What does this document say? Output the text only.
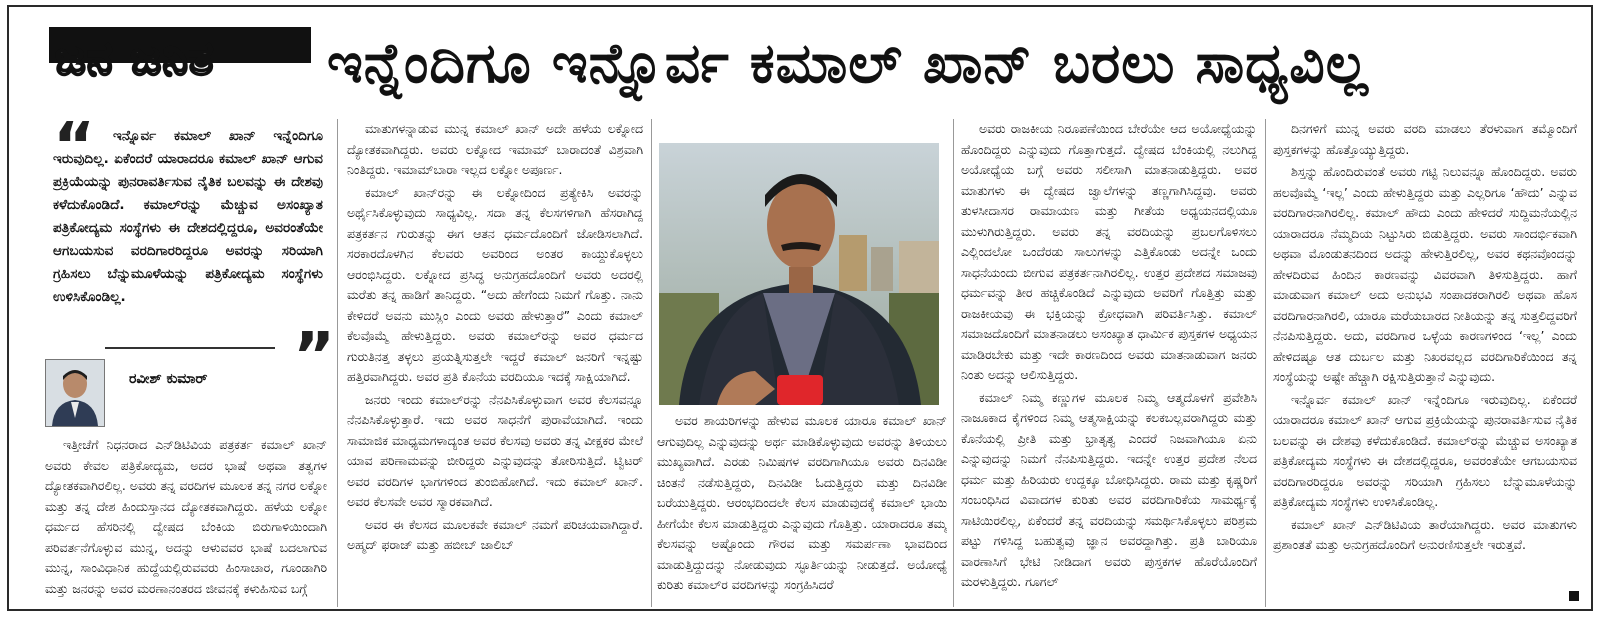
ಜನ ಜನಿತ ಇನ್ನೆಂದಿಗೂ ಇನ್ನೊರ್ವ ಕಮಾಲ್ ಖಾನ್ ಬರಲು ಸಾಧ್ಯವಿಲ್ಲ
“	ಇನ್ನೊರ್ವ ಕಮಾಲ್ ಖಾನ್ ಇನ್ನೆಂದಿಗೂ ಇರುವುದಿಲ್ಲ. ಏಕೆಂದರೆ ಯಾರಾದರೂ ಕಮಾಲ್ ಖಾನ್ ಆಗುವ ಪ್ರಕ್ರಿಯೆಯನ್ನು ಪುನರಾವರ್ತಿಸುವ ನೈತಿಕ ಬಲವನ್ನು ಈ ದೇಶವು ಕಳೆದುಕೊಂಡಿದೆ. ಕಮಾಲ್‌ರನ್ನು ಮೆಚ್ಚುವ ಅಸಂಖ್ಯಾತ ಪತ್ರಿಕೋದ್ಯಮ ಸಂಸ್ಥೆಗಳು ಈ ದೇಶದಲ್ಲಿದ್ದರೂ, ಅವರಂತೆಯೇ ಆಗಬಯಸುವ ವರದಿಗಾರರಿದ್ದರೂ ಅವರನ್ನು ಸರಿಯಾಗಿ ಗ್ರಹಿಸಲು ಬೆನ್ನುಮೂಳೆಯನ್ನು ಪತ್ರಿಕೋದ್ಯಮ ಸಂಸ್ಥೆಗಳು ಉಳಿಸಿಕೊಂಡಿಲ್ಲ.
”
ರವೀಶ್ ಕುಮಾರ್

ಇತ್ತೀಚೆಗೆ ನಿಧನರಾದ ಎನ್‌ಡಿಟಿವಿಯ ಪತ್ರಕರ್ತ ಕಮಾಲ್ ಖಾನ್ ಅವರು ಕೇವಲ ಪತ್ರಿಕೋದ್ಯಮ, ಅದರ ಭಾಷೆ ಅಥವಾ ತತ್ವಗಳ ದ್ಯೋತಕವಾಗಿರಲಿಲ್ಲ. ಅವರು ತನ್ನ ವರದಿಗಳ ಮೂಲಕ ತನ್ನ ನಗರ ಲಕ್ನೋ ಮತ್ತು ತನ್ನ ದೇಶ ಹಿಂದುಸ್ತಾನದ ದ್ಯೋತಕವಾಗಿದ್ದರು. ಹಳೆಯ ಲಕ್ನೋ ಧರ್ಮದ ಹೆಸರಿನಲ್ಲಿ ದ್ವೇಷದ ಬೆಂಕಿಯ ಬಿರುಗಾಳಿಯಿಂದಾಗಿ ಪರಿವರ್ತನೆಗೊಳ್ಳುವ ಮುನ್ನ, ಅದನ್ನು ಆಳುವವರ ಭಾಷೆ ಬದಲಾಗುವ ಮುನ್ನ, ಸಾಂವಿಧಾನಿಕ ಹುದ್ದೆಯಲ್ಲಿರುವವರು ಹಿಂಸಾಚಾರ, ಗೂಂಡಾಗಿರಿ ಮತ್ತು ಜನರನ್ನು ಅವರ ಮರಣಾನಂತರದ ಜೀವನಕ್ಕೆ ಕಳುಹಿಸುವ ಬಗ್ಗೆ

ಮಾತುಗಳನ್ನಾಡುವ ಮುನ್ನ ಕಮಾಲ್ ಖಾನ್ ಅದೇ ಹಳೆಯ ಲಕ್ನೋದ ದ್ಯೋತಕವಾಗಿದ್ದರು. ಅವರು ಲಕ್ನೋದ ಇಮಾಮ್ ಬಾರಾದಂತೆ ವಿಶ್ರವಾಗಿ ನಿಂತಿದ್ದರು. ಇಮಾಮ್‌ಬಾರಾ ಇಲ್ಲದ ಲಕ್ನೋ ಅಪೂರ್ಣ.

ಕಮಾಲ್ ಖಾನ್‌ರನ್ನು ಈ ಲಕ್ನೋದಿಂದ ಪ್ರತ್ಯೇಕಿಸಿ ಅವರನ್ನು ಅರ್ಥೈಸಿಕೊಳ್ಳುವುದು ಸಾಧ್ಯವಿಲ್ಲ. ಸದಾ ತನ್ನ ಕೆಲಸಗಳಿಗಾಗಿ ಹೆಸರಾಗಿದ್ದ ಪತ್ರಕರ್ತನ ಗುರುತನ್ನು ಈಗ ಆತನ ಧರ್ಮದೊಂದಿಗೆ ಜೋಡಿಸಲಾಗಿದೆ. ಸರಕಾರದೊಳಗಿನ ಕೆಲವರು ಅವರಿಂದ ಅಂತರ ಕಾಯ್ದುಕೊಳ್ಳಲು ಆರಂಭಿಸಿದ್ದರು. ಲಕ್ನೋದ ಪ್ರಸಿದ್ಧ ಅನುಗ್ರಹದೊಂದಿಗೆ ಅವರು ಅದರಲ್ಲಿ ಮರೆತು ತನ್ನ ಹಾಡಿಗೆ ತಾನಿದ್ದರು. “ಅದು ಹೇಗೆಂದು ನಿಮಗೆ ಗೊತ್ತು. ನಾನು ಕೇಳಿದರೆ ಅವನು ಮುಸ್ಲಿಂ ಎಂದು ಅವರು ಹೇಳುತ್ತಾರೆ” ಎಂದು ಕಮಾಲ್ ಕೆಲವೊಮ್ಮೆ ಹೇಳುತ್ತಿದ್ದರು. ಅವರು ಕಮಾಲ್‌ರನ್ನು ಅವರ ಧರ್ಮದ ಗುರುತಿನತ್ತ ತಳ್ಳಲು ಪ್ರಯತ್ನಿಸುತ್ತಲೇ ಇದ್ದರೆ ಕಮಾಲ್ ಜನರಿಗೆ ಇನ್ನಷ್ಟು ಹತ್ತಿರವಾಗಿದ್ದರು. ಅವರ ಪ್ರತಿ ಕೊನೆಯ ವರದಿಯೂ ಇದಕ್ಕೆ ಸಾಕ್ಷಿಯಾಗಿದೆ.

ಜನರು ಇಂದು ಕಮಾಲ್‌ರನ್ನು ನೆನಪಿಸಿಕೊಳ್ಳುವಾಗ ಅವರ ಕೆಲಸವನ್ನೂ ನೆನಪಿಸಿಕೊಳ್ಳುತ್ತಾರೆ. ಇದು ಅವರ ಸಾಧನೆಗೆ ಪುರಾವೆಯಾಗಿದೆ. ಇಂದು ಸಾಮಾಜಿಕ ಮಾಧ್ಯಮಗಳಾದ್ಯಂತ ಅವರ ಕೆಲಸವು ಅವರು ತನ್ನ ವೀಕ್ಷಕರ ಮೇಲೆ ಯಾವ ಪರಿಣಾಮವನ್ನು ಬೀರಿದ್ದರು ಎನ್ನುವುದನ್ನು ತೋರಿಸುತ್ತಿದೆ. ಟ್ವಿಟರ್ ಅವರ ವರದಿಗಳ ಭಾಗಗಳಿಂದ ತುಂಬಿಹೋಗಿದೆ. ಇದು ಕಮಾಲ್ ಖಾನ್. ಅವರ ಕೆಲಸವೇ ಅವರ ಸ್ಮಾರಕವಾಗಿದೆ.

ಅವರ ಈ ಕೆಲಸದ ಮೂಲಕವೇ ಕಮಾಲ್ ನಮಗೆ ಪರಿಚಯವಾಗಿದ್ದಾರೆ. ಅಹ್ಮದ್ ಫರಾಜ್ ಮತ್ತು ಹಬೀಬ್ ಜಾಲಿಬ್

ಅವರ ಶಾಯರಿಗಳನ್ನು ಹೇಳುವ ಮೂಲಕ ಯಾರೂ ಕಮಾಲ್ ಖಾನ್ ಆಗುವುದಿಲ್ಲ ಎನ್ನುವುದನ್ನು ಅರ್ಥ ಮಾಡಿಕೊಳ್ಳುವುದು ಅವರನ್ನು ತಿಳಿಯಲು ಮುಖ್ಯವಾಗಿದೆ. ಎರಡು ನಿಮಿಷಗಳ ವರದಿಗಾಗಿಯೂ ಅವರು ದಿನವಿಡೀ ಚಿಂತನೆ ನಡೆಸುತ್ತಿದ್ದರು, ದಿನವಿಡೀ ಓದುತ್ತಿದ್ದರು ಮತ್ತು ದಿನವಿಡೀ ಬರೆಯುತ್ತಿದ್ದರು. ಆರಂಭದಿಂದಲೇ ಕೆಲಸ ಮಾಡುವುದಕ್ಕೆ ಕಮಾಲ್ ಭಾಯಿ ಹೀಗೆಯೇ ಕೆಲಸ ಮಾಡುತ್ತಿದ್ದರು ಎನ್ನುವುದು ಗೊತ್ತಿತ್ತು. ಯಾರಾದರೂ ತಮ್ಮ ಕೆಲಸವನ್ನು ಅಷ್ಟೊಂದು ಗೌರವ ಮತ್ತು ಸಮರ್ಪಣಾ ಭಾವದಿಂದ ಮಾಡುತ್ತಿದ್ದುದನ್ನು ನೋಡುವುದು ಸ್ಫೂರ್ತಿಯನ್ನು ನೀಡುತ್ತದೆ. ಅಯೋಧ್ಯೆ ಕುರಿತು ಕಮಾಲ್‌ರ ವರದಿಗಳನ್ನು ಸಂಗ್ರಹಿಸಿದರೆ

ಅವರು ರಾಜಕೀಯ ನಿರೂಪಣೆಯಿಂದ ಬೇರೆಯೇ ಆದ ಅಯೋಧ್ಯೆಯನ್ನು ಹೊಂದಿದ್ದರು ಎನ್ನುವುದು ಗೊತ್ತಾಗುತ್ತದೆ. ದ್ವೇಷದ ಬೆಂಕಿಯಲ್ಲಿ ನಲುಗಿದ್ದ ಅಯೋಧ್ಯೆಯ ಬಗ್ಗೆ ಅವರು ಸಲೀಸಾಗಿ ಮಾತನಾಡುತ್ತಿದ್ದರು. ಅವರ ಮಾತುಗಳು ಈ ದ್ವೇಷದ ಜ್ವಾಲೆಗಳನ್ನು ತಣ್ಣಗಾಗಿಸಿದ್ದವು. ಅವರು ತುಳಸೀದಾಸರ ರಾಮಾಯಣ ಮತ್ತು ಗೀತೆಯ ಅಧ್ಯಯನದಲ್ಲಿಯೂ ಮುಳುಗಿರುತ್ತಿದ್ದರು. ಅವರು ತನ್ನ ವರದಿಯನ್ನು ಪ್ರಬಲಗೊಳಿಸಲು ಎಲ್ಲಿಂದಲೋ ಒಂದೆರಡು ಸಾಲುಗಳನ್ನು ಎತ್ತಿಕೊಂಡು ಅದನ್ನೇ ಒಂದು ಸಾಧನೆಯಂದು ಬೀಗುವ ಪತ್ರಕರ್ತನಾಗಿರಲಿಲ್ಲ. ಉತ್ತರ ಪ್ರದೇಶದ ಸಮಾಜವು ಧರ್ಮವನ್ನು ತೀರ ಹಚ್ಚಿಕೊಂಡಿದೆ ಎನ್ನುವುದು ಅವರಿಗೆ ಗೊತ್ತಿತ್ತು ಮತ್ತು ರಾಜಕೀಯವು ಈ ಭಕ್ತಿಯನ್ನು ಕ್ರೋಧವಾಗಿ ಪರಿವರ್ತಿಸಿತ್ತು. ಕಮಾಲ್ ಸಮಾಜದೊಂದಿಗೆ ಮಾತನಾಡಲು ಅಸಂಖ್ಯಾತ ಧಾರ್ಮಿಕ ಪುಸ್ತಕಗಳ ಅಧ್ಯಯನ ಮಾಡಿರಬೇಕು ಮತ್ತು ಇದೇ ಕಾರಣದಿಂದ ಅವರು ಮಾತನಾಡುವಾಗ ಜನರು ನಿಂತು ಅದನ್ನು ಆಲಿಸುತ್ತಿದ್ದರು.

ಕಮಾಲ್ ನಿಮ್ಮ ಕಣ್ಣುಗಳ ಮೂಲಕ ನಿಮ್ಮ ಆತ್ಮದೊಳಗೆ ಪ್ರವೇಶಿಸಿ ನಾಜೂಕಾದ ಕೈಗಳಿಂದ ನಿಮ್ಮ ಆತ್ಮಸಾಕ್ಷಿಯನ್ನು ಕಲಕಬಲ್ಲವರಾಗಿದ್ದರು ಮತ್ತು ಕೊನೆಯಲ್ಲಿ ಪ್ರೀತಿ ಮತ್ತು ಭ್ರಾತೃತ್ವ ಎಂದರೆ ನಿಜವಾಗಿಯೂ ಏನು ಎನ್ನುವುದನ್ನು ನಿಮಗೆ ನೆನಪಿಸುತ್ತಿದ್ದರು. ಇದನ್ನೇ ಉತ್ತರ ಪ್ರದೇಶ ನೆಲದ ಧರ್ಮ ಮತ್ತು ಹಿರಿಯರು ಉದ್ದಕ್ಕೂ ಬೋಧಿಸಿದ್ದರು. ರಾಮ ಮತ್ತು ಕೃಷ್ಣರಿಗೆ ಸಂಬಂಧಿಸಿದ ವಿವಾದಗಳ ಕುರಿತು ಅವರ ವರದಿಗಾರಿಕೆಯ ಸಾಮರ್ಥ್ಯಕ್ಕೆ ಸಾಟಿಯಿರಲಿಲ್ಲ, ಏಕೆಂದರೆ ತನ್ನ ವರದಿಯನ್ನು ಸಮರ್ಥಿಸಿಕೊಳ್ಳಲು ಪರಿಶ್ರಮ ಪಟ್ಟು ಗಳಿಸಿದ್ದ ಬಹುತ್ವವು ಜ್ಞಾನ ಅವರದ್ದಾಗಿತ್ತು. ಪ್ರತಿ ಬಾರಿಯೂ ವಾರಣಾಸಿಗೆ ಭೇಟಿ ನೀಡಿದಾಗ ಅವರು ಪುಸ್ತಕಗಳ ಹೊರೆಯೊಂದಿಗೆ ಮರಳುತ್ತಿದ್ದರು. ಗೂಗಲ್

ದಿನಗಳಿಗೆ ಮುನ್ನ ಅವರು ವರದಿ ಮಾಡಲು ತೆರಳುವಾಗ ತಮ್ಮೊಂದಿಗೆ ಪುಸ್ತಕಗಳನ್ನು ಹೊತ್ತೊಯ್ಯುತ್ತಿದ್ದರು.

ಶಿಸ್ತನ್ನು ಹೊಂದಿರುವಂತೆ ಅವರು ಗಟ್ಟಿ ನಿಲುವನ್ನೂ ಹೊಂದಿದ್ದರು. ಅವರು ಹಲವೊಮ್ಮೆ ‘ಇಲ್ಲ’ ಎಂದು ಹೇಳುತ್ತಿದ್ದರು ಮತ್ತು ಎಲ್ಲರಿಗೂ ‘ಹೌದು’ ಎನ್ನುವ ವರದಿಗಾರನಾಗಿರಲಿಲ್ಲ. ಕಮಾಲ್ ಹೌದು ಎಂದು ಹೇಳಿದರೆ ಸುದ್ದಿಮನೆಯಲ್ಲಿನ ಯಾರಾದರೂ ನೆಮ್ಮದಿಯ ನಿಟ್ಟುಸಿರು ಬಿಡುತ್ತಿದ್ದರು. ಅವರು ಸಾಂದರ್ಭಿಕವಾಗಿ ಅಥವಾ ಮೊಂಡುತನದಿಂದ ಅದನ್ನು ಹೇಳುತ್ತಿರಲಿಲ್ಲ, ಅವರ ಕಥನವೊಂದನ್ನು ಹೇಳದಿರುವ ಹಿಂದಿನ ಕಾರಣವನ್ನು ವಿವರವಾಗಿ ತಿಳಿಸುತ್ತಿದ್ದರು. ಹಾಗೆ ಮಾಡುವಾಗ ಕಮಾಲ್ ಅದು ಅನುಭವಿ ಸಂಪಾದಕರಾಗಿರಲಿ ಅಥವಾ ಹೊಸ ವರದಿಗಾರನಾಗಿರಲಿ, ಯಾರೂ ಮರೆಯಬಾರದ ನೀತಿಯನ್ನು ತನ್ನ ಸುತ್ತಲಿದ್ದವರಿಗೆ ನೆನಪಿಸುತ್ತಿದ್ದರು. ಅದು, ವರದಿಗಾರ ಒಳ್ಳೆಯ ಕಾರಣಗಳಿಂದ ‘ಇಲ್ಲ’ ಎಂದು ಹೇಳಿದಷ್ಟೂ ಆತ ದುರ್ಬಲ ಮತ್ತು ನಿಖರವಲ್ಲದ ವರದಿಗಾರಿಕೆಯಿಂದ ತನ್ನ ಸಂಸ್ಥೆಯನ್ನು ಅಷ್ಟೇ ಹೆಚ್ಚಾಗಿ ರಕ್ಷಿಸುತ್ತಿರುತ್ತಾನೆ ಎನ್ನುವುದು.

ಇನ್ನೊರ್ವ ಕಮಾಲ್ ಖಾನ್ ಇನ್ನೆಂದಿಗೂ ಇರುವುದಿಲ್ಲ. ಏಕೆಂದರೆ ಯಾರಾದರೂ ಕಮಾಲ್ ಖಾನ್ ಆಗುವ ಪ್ರಕ್ರಿಯೆಯನ್ನು ಪುನರಾವರ್ತಿಸುವ ನೈತಿಕ ಬಲವನ್ನು ಈ ದೇಶವು ಕಳೆದುಕೊಂಡಿದೆ. ಕಮಾಲ್‌ರನ್ನು ಮೆಚ್ಚುವ ಅಸಂಖ್ಯಾತ ಪತ್ರಿಕೋದ್ಯಮ ಸಂಸ್ಥೆಗಳು ಈ ದೇಶದಲ್ಲಿದ್ದರೂ, ಅವರಂತೆಯೇ ಆಗಬಯಸುವ ವರದಿಗಾರರಿದ್ದರೂ ಅವರನ್ನು ಸರಿಯಾಗಿ ಗ್ರಹಿಸಲು ಬೆನ್ನುಮೂಳೆಯನ್ನು ಪತ್ರಿಕೋದ್ಯಮ ಸಂಸ್ಥೆಗಳು ಉಳಿಸಿಕೊಂಡಿಲ್ಲ.

ಕಮಾಲ್ ಖಾನ್ ಎನ್‌ಡಿಟಿವಿಯ ತಾರೆಯಾಗಿದ್ದರು. ಅವರ ಮಾತುಗಳು ಪ್ರಶಾಂತತೆ ಮತ್ತು ಅನುಗ್ರಹದೊಂದಿಗೆ ಅನುರಣಿಸುತ್ತಲೇ ಇರುತ್ತವೆ.
